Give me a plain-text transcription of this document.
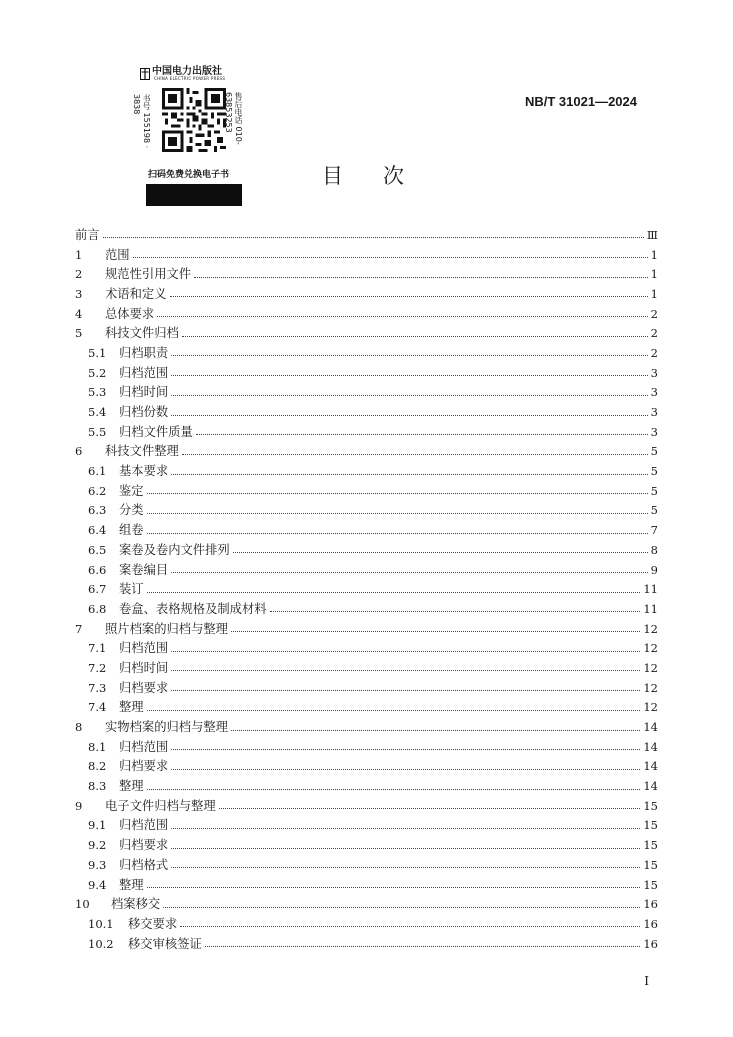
中国电力出版社
CHINA ELECTRIC POWER PRESS
书号 155198 · 3838	售后电话 010-63853253
扫码免费兑换电子书
NB/T 31021—2024
目次
前言	Ⅲ
1	范围	1
2	规范性引用文件	1
3	术语和定义	1
4	总体要求	2
5	科技文件归档	2
5.1	归档职责	2
5.2	归档范围	3
5.3	归档时间	3
5.4	归档份数	3
5.5	归档文件质量	3
6	科技文件整理	5
6.1	基本要求	5
6.2	鉴定	5
6.3	分类	5
6.4	组卷	7
6.5	案卷及卷内文件排列	8
6.6	案卷编目	9
6.7	装订	11
6.8	卷盒、表格规格及制成材料	11
7	照片档案的归档与整理	12
7.1	归档范围	12
7.2	归档时间	12
7.3	归档要求	12
7.4	整理	12
8	实物档案的归档与整理	14
8.1	归档范围	14
8.2	归档要求	14
8.3	整理	14
9	电子文件归档与整理	15
9.1	归档范围	15
9.2	归档要求	15
9.3	归档格式	15
9.4	整理	15
10	档案移交	16
10.1	移交要求	16
10.2	移交审核签证	16
I
